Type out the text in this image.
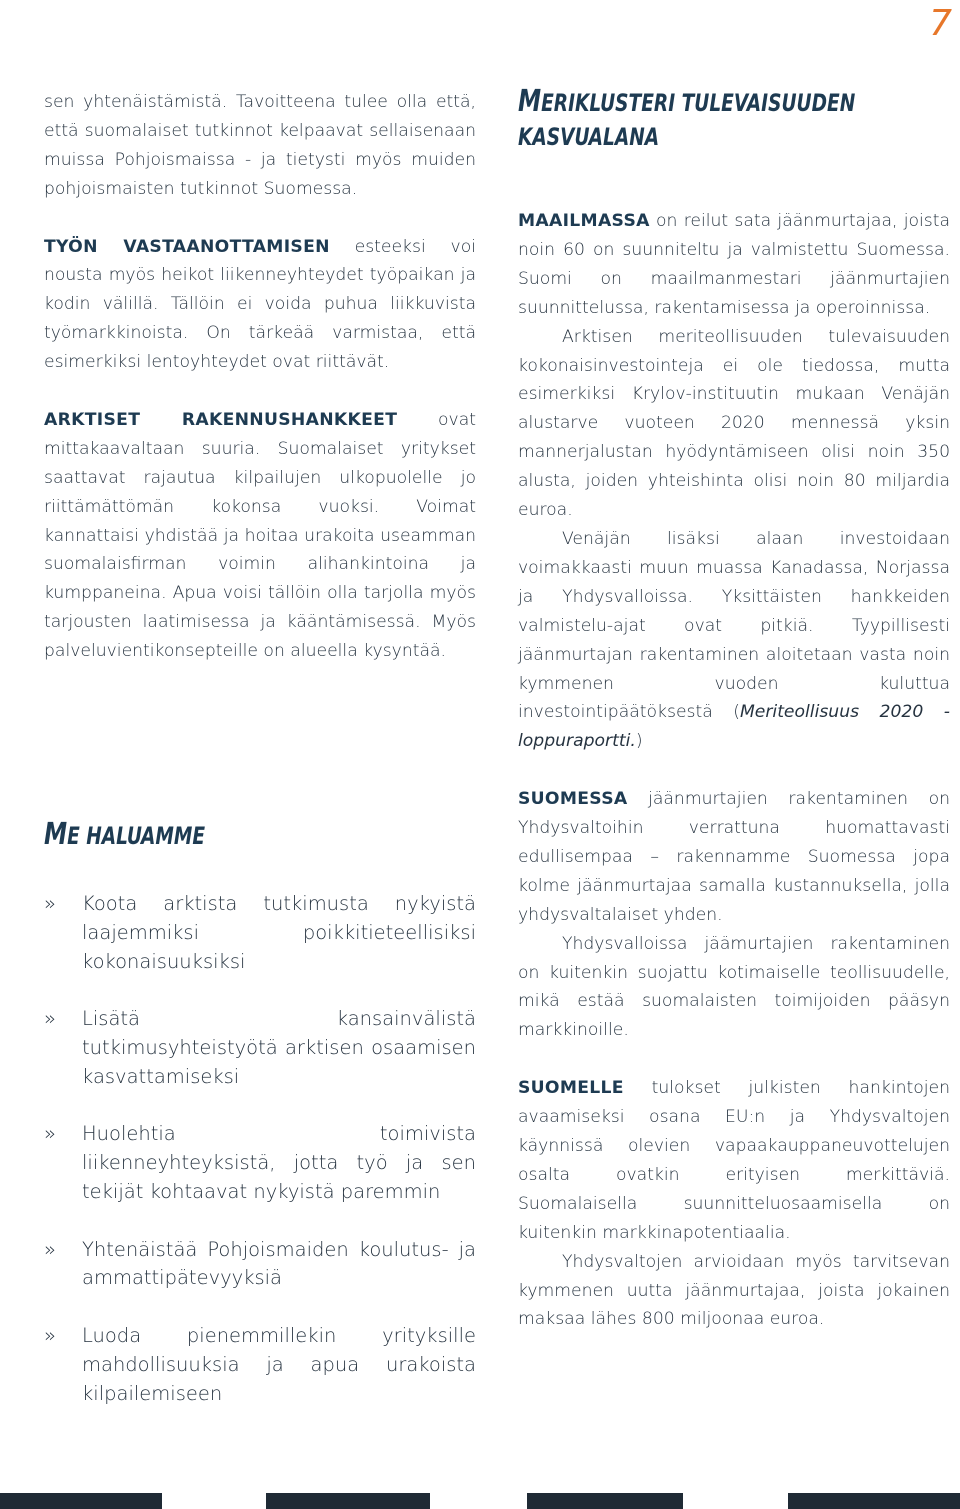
7

sen yhtenäistämistä. Tavoitteena tulee olla että, että suomalaiset tutkinnot kelpaavat sellaisenaan muissa Pohjoismaissa - ja tietysti myös muiden pohjoismaisten tutkinnot Suomessa.

TYÖN VASTAANOTTAMISEN esteeksi voi nousta myös heikot liikenneyhteydet työpaikan ja kodin välillä. Tällöin ei voida puhua liikkuvista työmarkkinoista. On tärkeää varmistaa, että esimerkiksi lentoyhteydet ovat riittävät.

ARKTISET RAKENNUSHANKKEET ovat mittakaavaltaan suuria. Suomalaiset yritykset saattavat rajautua kilpailujen ulkopuolelle jo riittämättömän kokonsa vuoksi. Voimat kannattaisi yhdistää ja hoitaa urakoita useamman suomalaisfirman voimin alihankintoina ja kumppaneina. Apua voisi tällöin olla tarjolla myös tarjousten laatimisessa ja kääntämisessä. Myös palveluvientikonsepteille on alueella kysyntää.

ME HALUAMME
» Koota arktista tutkimusta nykyistä laajemmiksi poikkitieteellisiksi kokonaisuuksiksi
» Lisätä kansainvälistä tutkimusyhteistyötä arktisen osaamisen kasvattamiseksi
» Huolehtia toimivista liikenneyhteyksistä, jotta työ ja sen tekijät kohtaavat nykyistä paremmin
» Yhtenäistää Pohjoismaiden koulutus- ja ammattipätevyyksiä
» Luoda pienemmillekin yrityksille mahdollisuuksia ja apua urakoista kilpailemiseen
MERIKLUSTERI TULEVAISUUDEN
KASVUALANA

MAAILMASSA on reilut sata jäänmurtajaa, joista noin 60 on suunniteltu ja valmistettu Suomessa. Suomi on maailmanmestari jäänmurtajien suunnittelussa, rakentamisessa ja operoinnissa.

Arktisen meriteollisuuden tulevaisuuden kokonaisinvestointeja ei ole tiedossa, mutta esimerkiksi Krylov-instituutin mukaan Venäjän alustarve vuoteen 2020 mennessä yksin mannerjalustan hyödyntämiseen olisi noin 350 alusta, joiden yhteishinta olisi noin 80 miljardia euroa.

Venäjän lisäksi alaan investoidaan voimakkaasti muun muassa Kanadassa, Norjassa ja Yhdysvalloissa. Yksittäisten hankkeiden valmistelu-ajat ovat pitkiä. Tyypillisesti jäänmurtajan rakentaminen aloitetaan vasta noin kymmenen vuoden kuluttua investointipäätöksestä (Meriteollisuus 2020 -loppuraportti.)

SUOMESSA jäänmurtajien rakentaminen on Yhdysvaltoihin verrattuna huomattavasti edullisempaa – rakennamme Suomessa jopa kolme jäänmurtajaa samalla kustannuksella, jolla yhdysvaltalaiset yhden.

Yhdysvalloissa jäämurtajien rakentaminen on kuitenkin suojattu kotimaiselle teollisuudelle, mikä estää suomalaisten toimijoiden pääsyn markkinoille.

SUOMELLE tulokset julkisten hankintojen avaamiseksi osana EU:n ja Yhdysvaltojen käynnissä olevien vapaakauppaneuvottelujen osalta ovatkin erityisen merkittäviä. Suomalaisella suunnitteluosaamisella on kuitenkin markkinapotentiaalia.

Yhdysvaltojen arvioidaan myös tarvitsevan kymmenen uutta jäänmurtajaa, joista jokainen maksaa lähes 800 miljoonaa euroa.
